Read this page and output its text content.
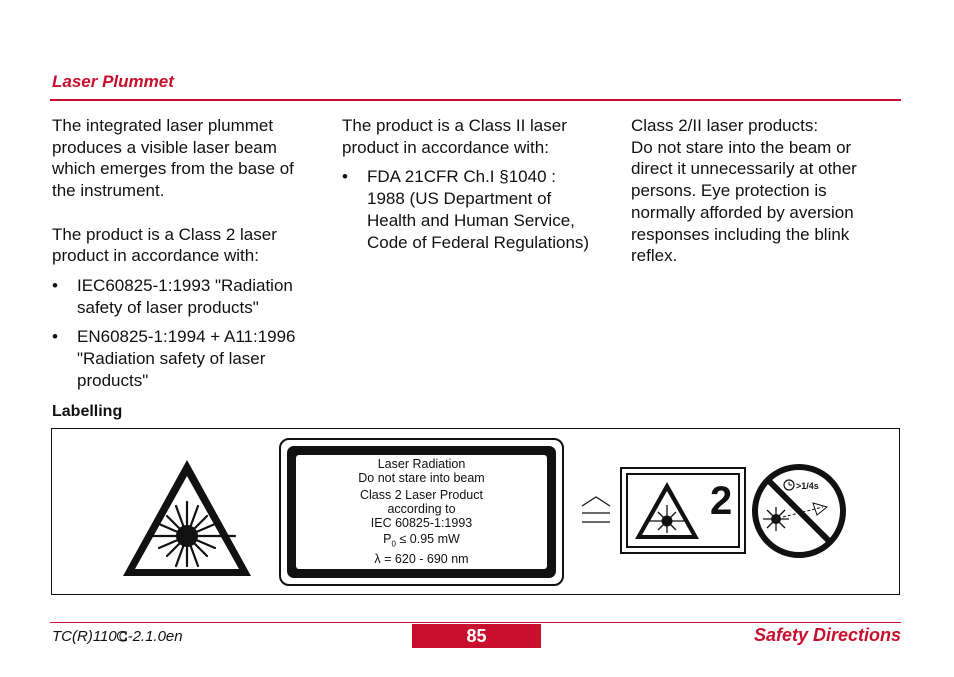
Laser Plummet

The integrated laser plummet
produces a visible laser beam
which emerges from the base of
the instrument.

The product is a Class 2 laser
product in accordance with:

• IEC60825-1:1993 "Radiation
safety of laser products"
• EN60825-1:1994 + A11:1996
"Radiation safety of laser
products"

The product is a Class II laser
product in accordance with:

• FDA 21CFR Ch.I §1040 :
1988 (US Department of
Health and Human Service,
Code of Federal Regulations)

Class 2/II laser products:
Do not stare into the beam or
direct it unnecessarily at other
persons. Eye protection is
normally afforded by aversion
responses including the blink
reflex.

Labelling
Laser Radiation
Do not stare into beam
Class 2 Laser Product
according to
IEC 60825-1:1993
$P_0 \le 0.95$ mW
λ = 620 - 690 nm
2	>1/4s
TC(R)110C-2.1.0en	85	Safety Directions
